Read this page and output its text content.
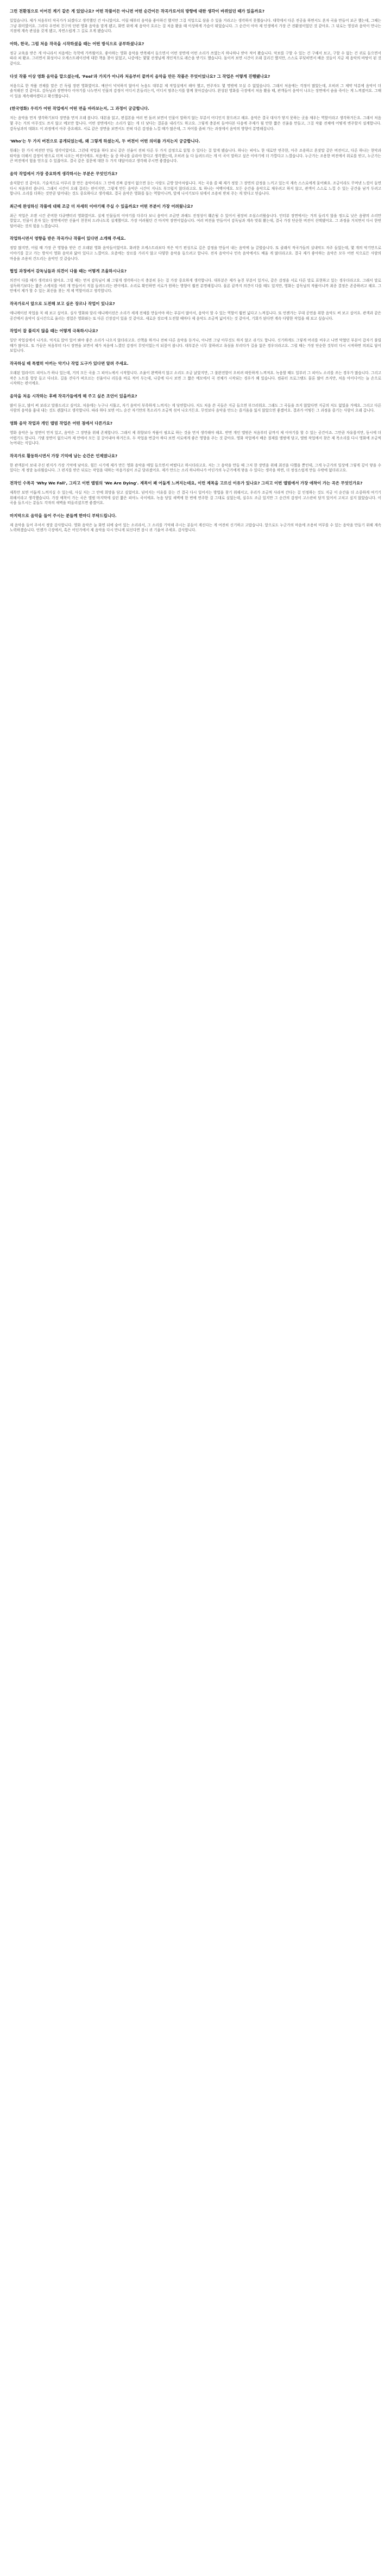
그런 전환점으로 이어진 계기 같은 게 있었나요? 어떤 작품이든 아니면 어떤 순간이든 작곡가로서의 방향에 대한 생각이 바뀌었던 때가 있을까요?

있었습니다. 제가 처음부터 작곡가가 되겠다고 생각했던 건 아니었어요. 어릴 때부터 음악을 좋아하긴 했지만 그걸 직업으로 삼을 수 있을 거라고는 생각하지 못했습니다. 대학에서 다른 전공을 하면서도 혼자 곡을 만들어 보곤 했는데, 그때는 그냥 취미였어요. 그러다 우연히 친구의 단편 영화 음악을 맡게 됐고, 화면 위에 제 음악이 흐르는 걸 처음 봤을 때 이상하게 가슴이 뛰었습니다. 그 순간이 아마 제 인생에서 가장 큰 전환점이었던 것 같아요. 그 뒤로는 영상과 음악이 만나는 지점에 계속 관심을 갖게 됐고, 자연스럽게 그 길로 오게 됐습니다.

아하, 한국, 그럼 처음 작곡을 시작하셨을 때는 어떤 방식으로 공부하셨나요?

정규 교육을 받은 게 아니라서 처음에는 독학에 가까웠어요. 좋아하는 영화 음악을 반복해서 들으면서 어떤 장면에 어떤 소리가 쓰였는지 하나하나 받아 적어 봤습니다. 악보를 구할 수 있는 건 구해서 보고, 구할 수 없는 건 귀로 들으면서 따라 쳐 봤죠. 그러면서 화성이나 오케스트레이션에 대한 책을 찾아 읽었고, 나중에는 몇몇 선생님께 개인적으로 레슨을 받기도 했습니다. 돌이켜 보면 시간이 오래 걸리긴 했지만, 스스로 부딪히면서 배운 것들이 지금 제 음악의 바탕이 된 것 같아요.

다섯 작품 이상 영화 음악을 맡으셨는데, 'Feel'과 가치가 아니라 처음부터 끝까지 음악을 만든 작품은 무엇이었나요? 그 작업은 어떻게 진행됐나요?

처음으로 한 작품 전체를 맡은 건 독립 장편 영화였어요. 예산이 넉넉하지 않아서 녹음도 대부분 제 작업실에서 해야 했고, 연주자도 몇 명밖에 모실 수 없었습니다. 그래서 처음에는 걱정이 많았는데, 오히려 그 제약 덕분에 음악이 더 솔직해진 것 같아요. 감독님과 장면마다 이야기를 나누면서 인물의 감정이 어디서 흔들리는지, 어디서 멈추는지를 함께 찾아갔습니다. 완성된 영화를 극장에서 처음 봤을 때, 관객들이 음악이 나오는 장면에서 숨을 죽이는 게 느껴졌어요. 그때 이 일을 계속해야겠다고 확신했습니다.

(한국영화) 우리가 어떤 작업에서 어떤 면을 바라보는지, 그 과정이 궁금합니다.

저는 음악을 먼저 생각하기보다 장면을 먼저 오래 봅니다. 대본을 읽고, 편집본을 여러 번 돌려 보면서 인물이 말하지 않는 부분이 어디인지 찾으려고 해요. 음악은 결국 대사가 닿지 못하는 곳을 채우는 역할이라고 생각하거든요. 그래서 처음 몇 주는 거의 아무것도 쓰지 않고 메모만 합니다. 어떤 장면에서는 소리가 없는 게 더 낫다는 결론을 내리기도 하고요. 그렇게 충분히 들여다본 다음에 주제가 될 만한 짧은 선율을 만들고, 그걸 작품 전체에 어떻게 변주할지 설계합니다. 감독님과의 대화도 이 과정에서 아주 중요해요. 서로 같은 장면을 보면서도 전혀 다른 감정을 느낄 때가 많은데, 그 차이를 좁혀 가는 과정에서 음악의 방향이 분명해집니다.

'Who'는 두 가지 버전으로 공개되었는데, 왜 그렇게 하셨는지, 두 버전이 어떤 의미를 가지는지 궁금합니다.

원래는 한 가지 버전만 만들 생각이었어요. 그런데 작업을 하다 보니 같은 선율이 전혀 다른 두 가지 감정으로 읽힐 수 있다는 걸 알게 됐습니다. 하나는 피아노 한 대로만 연주한, 아주 조용하고 혼잣말 같은 버전이고, 다른 하나는 현악과 타악을 더해서 감정이 밖으로 터져 나오는 버전이에요. 처음에는 둘 중 하나를 골라야 한다고 생각했는데, 오히려 둘 다 들려드리는 게 이 곡이 말하고 싶은 이야기에 더 가깝다고 느꼈습니다. 누군가는 조용한 버전에서 위로를 받고, 누군가는 큰 버전에서 힘을 얻으실 수 있잖아요. 결국 같은 질문에 대한 두 가지 대답이라고 생각해 주시면 좋겠습니다.

음악 작업에서 가장 중요하게 생각하시는 부분은 무엇인가요?

솔직함인 것 같아요. 기술적으로 아무리 잘 만든 음악이라도 그 안에 진짜 감정이 없으면 듣는 사람도 금방 알아차립니다. 저는 곡을 쓸 때 제가 정말 그 장면의 감정을 느끼고 있는지 계속 스스로에게 물어봐요. 조금이라도 꾸며낸 느낌이 들면 다시 처음부터 씁니다. 그래서 시간이 오래 걸리는 편이지만, 그렇게 만든 음악은 시간이 지나도 부끄럽지 않더라고요. 또 하나는 여백이에요. 모든 순간을 음악으로 채우려고 하지 않고, 관객이 스스로 느낄 수 있는 공간을 남겨 두려고 합니다. 소리를 더하는 것만큼 덜어내는 것도 중요하다고 생각해요. 결국 음악은 영화를 돕는 역할이니까, 앞에 나서기보다 뒤에서 조용히 받쳐 주는 게 맞다고 믿습니다.

최근에 완성하신 작품에 대해 조금 더 자세히 이야기해 주실 수 있을까요? 어떤 부분이 가장 어려웠나요?

최근 작업은 오랜 시간 준비한 다큐멘터리 영화였어요. 실제 인물들의 이야기를 다루다 보니 음악이 조금만 과해도 진정성이 훼손될 수 있어서 굉장히 조심스러웠습니다. 인터뷰 장면에서는 거의 들리지 않을 정도로 낮은 음량의 소리만 깔았고, 인물이 혼자 있는 장면에서만 선율이 천천히 드러나도록 설계했어요. 가장 어려웠던 건 마지막 장면이었습니다. 여러 버전을 만들어서 감독님과 계속 맞춰 봤는데, 결국 가장 단순한 버전이 선택됐어요. 그 과정을 거치면서 다시 한번 덜어내는 것의 힘을 느꼈습니다.

작업하시면서 영향을 받은 작곡가나 작품이 있다면 소개해 주세요.

정말 많지만, 어릴 때 가장 큰 영향을 받은 건 오래된 영화 음악들이었어요. 화려한 오케스트라보다 작은 악기 편성으로 깊은 감정을 만들어 내는 음악에 늘 끌렸습니다. 또 클래식 작곡가들의 실내악도 자주 들었는데, 몇 개의 악기만으로 이야기를 끌고 가는 방식이 영화 음악과 닮아 있다고 느꼈어요. 요즘에는 장르를 가리지 않고 다양한 음악을 들으려고 합니다. 전자 음악이나 민속 음악에서도 배울 게 많더라고요. 결국 제가 좋아하는 음악은 모두 어떤 식으로든 사람의 마음을 조용히 건드리는 음악인 것 같습니다.

협업 과정에서 감독님들과 의견이 다를 때는 어떻게 조율하시나요?

의견이 다를 때가 생각보다 많아요. 그럴 때는 먼저 감독님이 왜 그렇게 생각하시는지 충분히 듣는 걸 가장 중요하게 생각합니다. 대부분은 제가 놓친 부분이 있거나, 같은 감정을 서로 다른 말로 표현하고 있는 경우더라고요. 그래서 말로 설득하기보다는 짧은 스케치를 여러 개 만들어서 직접 들려드리는 편이에요. 소리로 확인하면 서로가 원하는 방향이 훨씬 분명해집니다. 물론 끝까지 의견이 다를 때도 있지만, 영화는 감독님의 작품이니까 최종 결정은 존중하려고 해요. 그 안에서 제가 할 수 있는 최선을 찾는 게 제 역할이라고 생각합니다.

작곡가로서 앞으로 도전해 보고 싶은 장르나 작업이 있나요?

애니메이션 작업을 꼭 해 보고 싶어요. 실사 영화와 달리 애니메이션은 소리가 세계 전체를 만들어야 하는 부분이 많아서, 음악이 할 수 있는 역할이 훨씬 넓다고 느껴집니다. 또 언젠가는 무대 공연을 위한 음악도 써 보고 싶어요. 관객과 같은 공간에서 음악이 실시간으로 울리는 경험은 영화와는 또 다른 긴장감이 있을 것 같아요. 새로운 장르에 도전할 때마다 제 음악도 조금씩 넓어지는 것 같아서, 기회가 된다면 계속 다양한 작업을 해 보고 싶습니다.

작업이 잘 풀리지 않을 때는 어떻게 극복하시나요?

일단 작업실에서 나가요. 억지로 앉아 있어 봐야 좋은 소리가 나오지 않더라고요. 산책을 하거나 전혀 다른 음악을 듣거나, 아니면 그냥 아무것도 하지 않고 쉬기도 합니다. 신기하게도 그렇게 머리를 비우고 나면 막혔던 부분이 갑자기 풀릴 때가 많아요. 또 가끔은 처음부터 다시 장면을 보면서 제가 처음에 느꼈던 감정이 무엇이었는지 되짚어 봅니다. 대부분은 너무 잘하려고 욕심을 부리다가 길을 잃은 경우더라고요. 그럴 때는 가장 단순한 것부터 다시 시작하면 의외로 답이 보입니다.

작곡하실 때 특별히 아끼는 악기나 작업 도구가 있다면 알려 주세요.

오래된 업라이트 피아노가 하나 있는데, 거의 모든 곡을 그 피아노에서 시작합니다. 조율이 완벽하지 않고 소리도 조금 낡았지만, 그 불완전함이 오히려 따뜻하게 느껴져요. 녹음할 때도 일부러 그 피아노 소리를 쓰는 경우가 많습니다. 그리고 작은 노트를 항상 들고 다녀요. 길을 걷다가 떠오르는 선율이나 리듬을 바로 적어 두는데, 나중에 다시 보면 그 짧은 메모에서 곡 전체가 시작되는 경우가 꽤 있습니다. 컴퓨터 프로그램도 물론 많이 쓰지만, 처음 아이디어는 늘 손으로 시작하는 편이에요.

음악을 처음 시작하는 후배 작곡가들에게 해 주고 싶은 조언이 있을까요?

많이 듣고, 많이 써 보라고 말씀드리고 싶어요. 처음에는 누구나 서툴고, 자기 음악이 부족하게 느껴지는 게 당연합니다. 저도 처음 쓴 곡들은 지금 들으면 부끄러워요. 그래도 그 곡들을 쓰지 않았다면 지금의 저도 없었을 거예요. 그리고 다른 사람의 음악을 흉내 내는 것도 괜찮다고 생각합니다. 따라 하다 보면 어느 순간 자기만의 목소리가 조금씩 섞여 나오거든요. 무엇보다 음악을 만드는 즐거움을 잃지 않았으면 좋겠어요. 결과가 어떻든 그 과정을 즐기는 사람이 오래 갑니다.

영화 음악 작업과 개인 앨범 작업은 어떤 점에서 다른가요?

영화 음악은 늘 장면이 먼저 있고, 음악은 그 장면을 위해 존재합니다. 그래서 제 취향보다 작품이 필요로 하는 것을 먼저 생각해야 해요. 반면 개인 앨범은 처음부터 끝까지 제 이야기를 할 수 있는 공간이죠. 그만큼 자유롭지만, 동시에 더 어렵기도 합니다. 기댈 장면이 없으니까 제 안에서 모든 걸 끌어내야 하거든요. 두 작업을 번갈아 하다 보면 서로에게 좋은 영향을 주는 것 같아요. 영화 작업에서 배운 절제를 앨범에 담고, 앨범 작업에서 찾은 제 목소리를 다시 영화에 조금씩 녹여내는 식입니다.

작곡가로 활동하시면서 가장 기억에 남는 순간은 언제였나요?

한 관객분이 보내 주신 편지가 가장 기억에 남아요. 힘든 시기에 제가 만든 영화 음악을 매일 들으면서 버텼다고 하시더라고요. 저는 그 음악을 만들 때 그저 한 장면을 위해 최선을 다했을 뿐인데, 그게 누군가의 일상에 그렇게 깊이 닿을 수 있다는 게 정말 놀라웠습니다. 그 편지를 받은 뒤로는 작업을 대하는 마음가짐이 조금 달라졌어요. 제가 만드는 소리 하나하나가 어딘가의 누군가에게 닿을 수 있다는 생각을 하면, 더 정성스럽게 만들 수밖에 없더라고요.

전작인 수록곡 'Why We Fall', 그리고 이번 앨범의 'We Are Dying'. 제목이 꽤 어둡게 느껴지는데요, 이런 제목을 고르신 이유가 있나요? 그리고 이번 앨범에서 가장 애착이 가는 곡은 무엇인가요?

제목만 보면 어둡게 느껴지실 수 있는데, 사실 저는 그 안에 희망을 담고 싶었어요. 넘어지는 이유를 묻는 건 결국 다시 일어서는 방법을 찾기 위해서고, 우리가 조금씩 사라져 간다는 걸 인정하는 것도 지금 이 순간을 더 소중하게 여기기 위해서라고 생각했습니다. 가장 애착이 가는 곡은 앨범 마지막에 실린 짧은 피아노 곡이에요. 녹음 당일 새벽에 한 번에 연주한 걸 그대로 실었는데, 실수도 조금 있지만 그 순간의 감정이 고스란히 담겨 있어서 고치고 싶지 않았습니다. 이 곡을 들으시는 분들도 각자의 새벽을 떠올리셨으면 좋겠어요.

마지막으로 음악을 들어 주시는 분들께 한마디 부탁드립니다.

제 음악을 들어 주셔서 정말 감사합니다. 영화 음악은 늘 화면 뒤에 숨어 있는 소리라서, 그 소리를 기억해 주시는 분들이 계신다는 게 여전히 신기하고 고맙습니다. 앞으로도 누군가의 마음에 조용히 머무를 수 있는 음악을 만들기 위해 계속 노력하겠습니다. 언젠가 극장에서, 혹은 어딘가에서 제 음악을 다시 만나게 되신다면 잠시 귀 기울여 주세요. 감사합니다.
